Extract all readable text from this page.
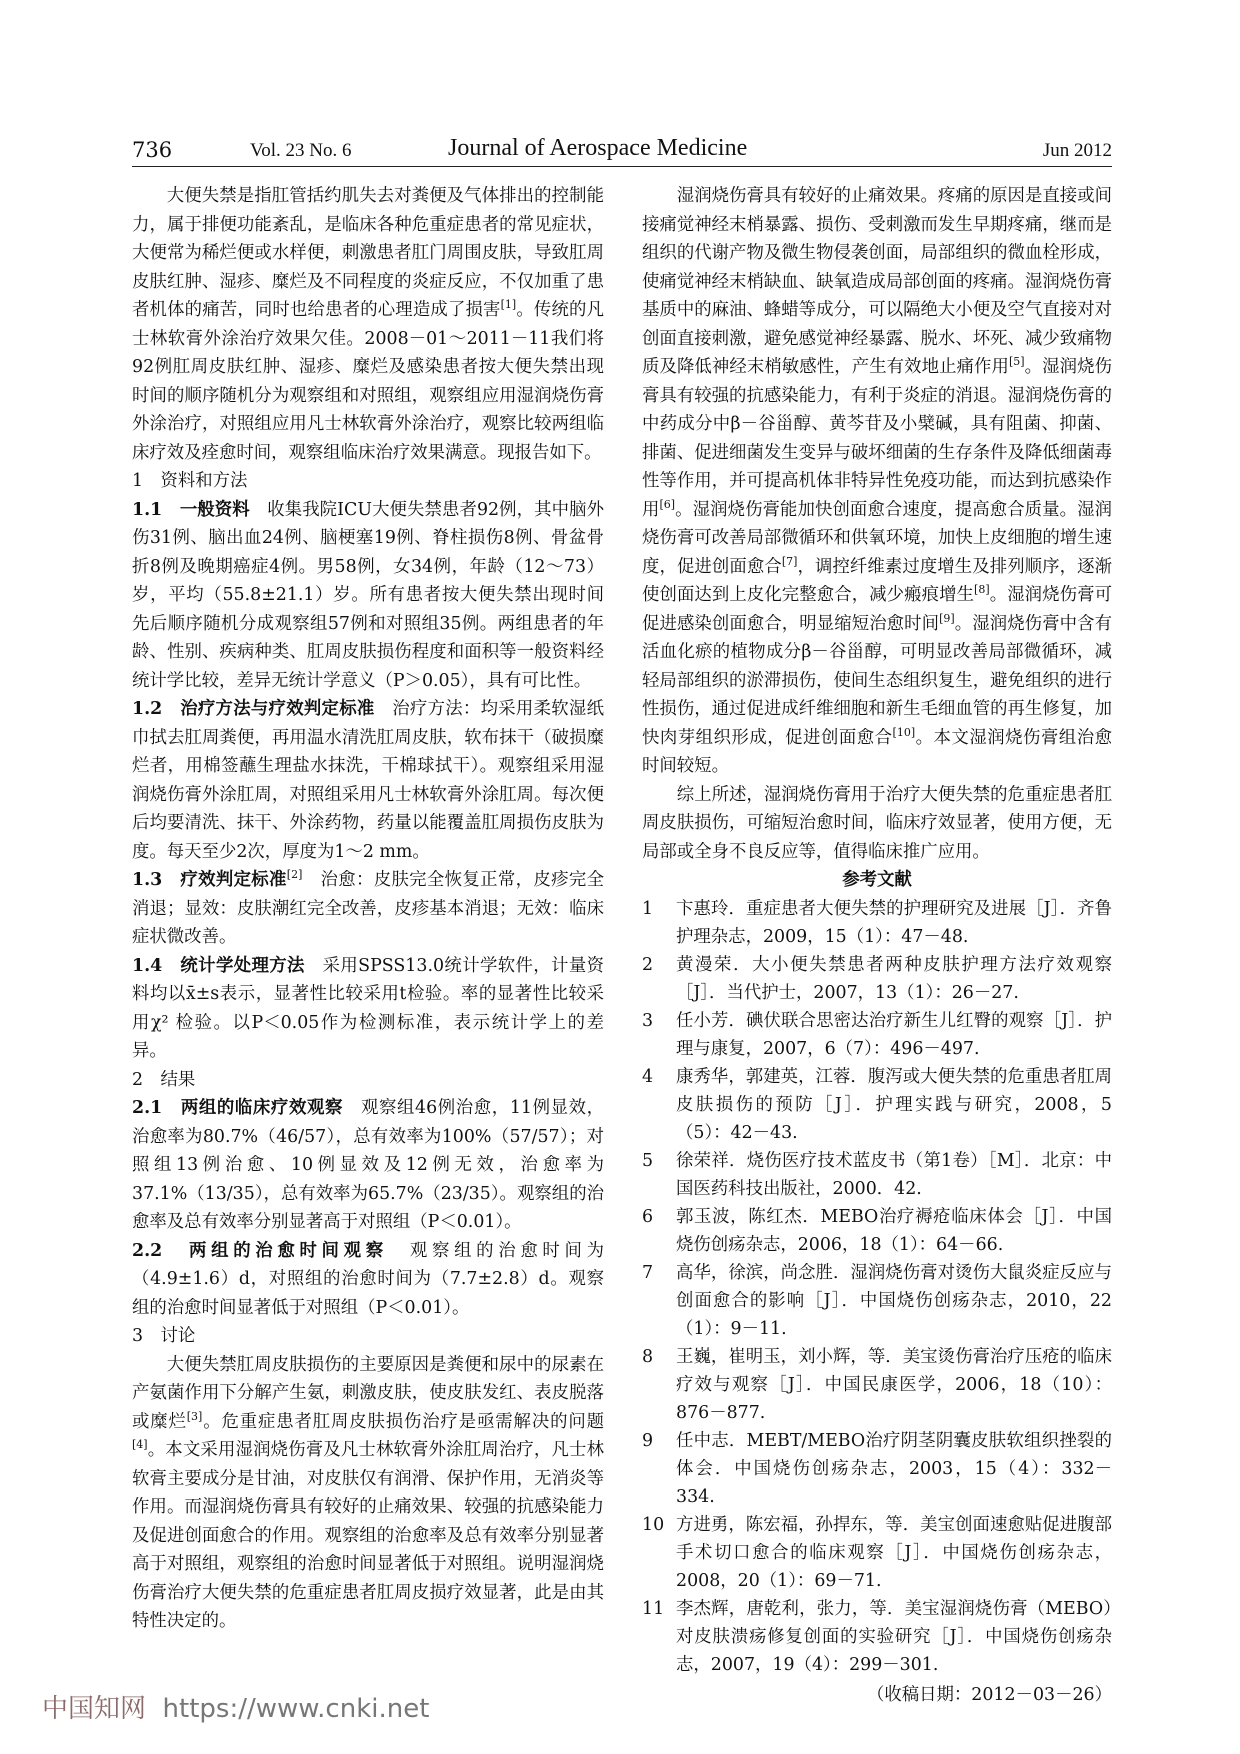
736	Vol. 23 No. 6	Journal of Aerospace Medicine	Jun 2012

大便失禁是指肛管括约肌失去对粪便及气体排出的控制能力，属于排便功能紊乱，是临床各种危重症患者的常见症状，大便常为稀烂便或水样便，刺激患者肛门周围皮肤，导致肛周皮肤红肿、湿疹、糜烂及不同程度的炎症反应，不仅加重了患者机体的痛苦，同时也给患者的心理造成了损害[1]。传统的凡士林软膏外涂治疗效果欠佳。2008－01～2011－11我们将92例肛周皮肤红肿、湿疹、糜烂及感染患者按大便失禁出现时间的顺序随机分为观察组和对照组，观察组应用湿润烧伤膏外涂治疗，对照组应用凡士林软膏外涂治疗，观察比较两组临床疗效及痊愈时间，观察组临床治疗效果满意。现报告如下。

1　资料和方法

1.1　一般资料　 收集我院ICU大便失禁患者92例，其中脑外伤31例、脑出血24例、脑梗塞19例、脊柱损伤8例、骨盆骨折8例及晚期癌症4例。男58例，女34例，年龄（12～73）岁，平均（55.8±21.1）岁。所有患者按大便失禁出现时间先后顺序随机分成观察组57例和对照组35例。两组患者的年龄、性别、疾病种类、肛周皮肤损伤程度和面积等一般资料经统计学比较，差异无统计学意义（P＞0.05），具有可比性。

1.2　治疗方法与疗效判定标准　 治疗方法：均采用柔软湿纸巾拭去肛周粪便，再用温水清洗肛周皮肤，软布抹干（破损糜烂者，用棉签蘸生理盐水抹洗，干棉球拭干）。观察组采用湿润烧伤膏外涂肛周，对照组采用凡士林软膏外涂肛周。每次便后均要清洗、抹干、外涂药物，药量以能覆盖肛周损伤皮肤为度。每天至少2次，厚度为1～2 mm。

1.3　疗效判定标准[2]　 治愈：皮肤完全恢复正常，皮疹完全消退；显效：皮肤潮红完全改善，皮疹基本消退；无效：临床症状微改善。

1.4　统计学处理方法　 采用SPSS13.0统计学软件，计量资料均以x̄±s表示，显著性比较采用t检验。率的显著性比较采用χ² 检验。以P＜0.05作为检测标准，表示统计学上的差异。

2　结果

2.1　两组的临床疗效观察　 观察组46例治愈，11例显效，治愈率为80.7%（46/57），总有效率为100%（57/57）；对照组13例治愈、10例显效及12例无效，治愈率为37.1%（13/35），总有效率为65.7%（23/35）。观察组的治愈率及总有效率分别显著高于对照组（P＜0.01）。

2.2　两组的治愈时间观察　 观察组的治愈时间为（4.9±1.6）d，对照组的治愈时间为（7.7±2.8）d。观察组的治愈时间显著低于对照组（P＜0.01）。

3　讨论

大便失禁肛周皮肤损伤的主要原因是粪便和尿中的尿素在产氨菌作用下分解产生氨，刺激皮肤，使皮肤发红、表皮脱落或糜烂[3]。危重症患者肛周皮肤损伤治疗是亟需解决的问题[4]。本文采用湿润烧伤膏及凡士林软膏外涂肛周治疗，凡士林软膏主要成分是甘油，对皮肤仅有润滑、保护作用，无消炎等作用。而湿润烧伤膏具有较好的止痛效果、较强的抗感染能力及促进创面愈合的作用。观察组的治愈率及总有效率分别显著高于对照组，观察组的治愈时间显著低于对照组。说明湿润烧伤膏治疗大便失禁的危重症患者肛周皮损疗效显著，此是由其特性决定的。

湿润烧伤膏具有较好的止痛效果。疼痛的原因是直接或间接痛觉神经末梢暴露、损伤、受刺激而发生早期疼痛，继而是组织的代谢产物及微生物侵袭创面，局部组织的微血栓形成，使痛觉神经末梢缺血、缺氧造成局部创面的疼痛。湿润烧伤膏基质中的麻油、蜂蜡等成分，可以隔绝大小便及空气直接对对创面直接刺激，避免感觉神经暴露、脱水、坏死、减少致痛物质及降低神经末梢敏感性，产生有效地止痛作用[5]。湿润烧伤膏具有较强的抗感染能力，有利于炎症的消退。湿润烧伤膏的中药成分中β－谷甾醇、黄芩苷及小檗碱，具有阻菌、抑菌、排菌、促进细菌发生变异与破坏细菌的生存条件及降低细菌毒性等作用，并可提高机体非特异性免疫功能，而达到抗感染作用[6]。湿润烧伤膏能加快创面愈合速度，提高愈合质量。湿润烧伤膏可改善局部微循环和供氧环境，加快上皮细胞的增生速度，促进创面愈合[7]，调控纤维素过度增生及排列顺序，逐渐使创面达到上皮化完整愈合，减少瘢痕增生[8]。湿润烧伤膏可促进感染创面愈合，明显缩短治愈时间[9]。湿润烧伤膏中含有活血化瘀的植物成分β－谷甾醇，可明显改善局部微循环，减轻局部组织的淤滞损伤，使间生态组织复生，避免组织的进行性损伤，通过促进成纤维细胞和新生毛细血管的再生修复，加快肉芽组织形成，促进创面愈合[10]。本文湿润烧伤膏组治愈时间较短。

综上所述，湿润烧伤膏用于治疗大便失禁的危重症患者肛周皮肤损伤，可缩短治愈时间，临床疗效显著，使用方便，无局部或全身不良反应等，值得临床推广应用。

参考文献

1	卞惠玲．重症患者大便失禁的护理研究及进展［J］．齐鲁护理杂志，2009，15（1）：47－48.
2	黄漫荣．大小便失禁患者两种皮肤护理方法疗效观察［J］．当代护士，2007，13（1）：26－27.
3	任小芳．碘伏联合思密达治疗新生儿红臀的观察［J］．护理与康复，2007，6（7）：496－497.
4	康秀华，郭建英，江蓉．腹泻或大便失禁的危重患者肛周皮肤损伤的预防［J］．护理实践与研究，2008，5（5）：42－43.
5	徐荣祥．烧伤医疗技术蓝皮书（第1卷）［M］．北京：中国医药科技出版社，2000．42.
6	郭玉波，陈红杰．MEBO治疗褥疮临床体会［J］．中国烧伤创疡杂志，2006，18（1）：64－66.
7	高华，徐滨，尚念胜．湿润烧伤膏对烫伤大鼠炎症反应与创面愈合的影响［J］．中国烧伤创疡杂志，2010，22（1）：9－11.
8	王巍，崔明玉，刘小辉，等．美宝烫伤膏治疗压疮的临床疗效与观察［J］．中国民康医学，2006，18（10）：876－877.
9	任中志．MEBT/MEBO治疗阴茎阴囊皮肤软组织挫裂的体会．中国烧伤创疡杂志，2003，15（4）：332－334.
10 方进勇，陈宏福，孙捍东，等．美宝创面速愈贴促进腹部手术切口愈合的临床观察［J］．中国烧伤创疡杂志，2008，20（1）：69－71.
11 李杰辉，唐乾利，张力，等．美宝湿润烧伤膏（MEBO）对皮肤溃疡修复创面的实验研究［J］．中国烧伤创疡杂志，2007，19（4）：299－301.

（收稿日期：2012－03－26）

中国知网 https://www.cnki.net
